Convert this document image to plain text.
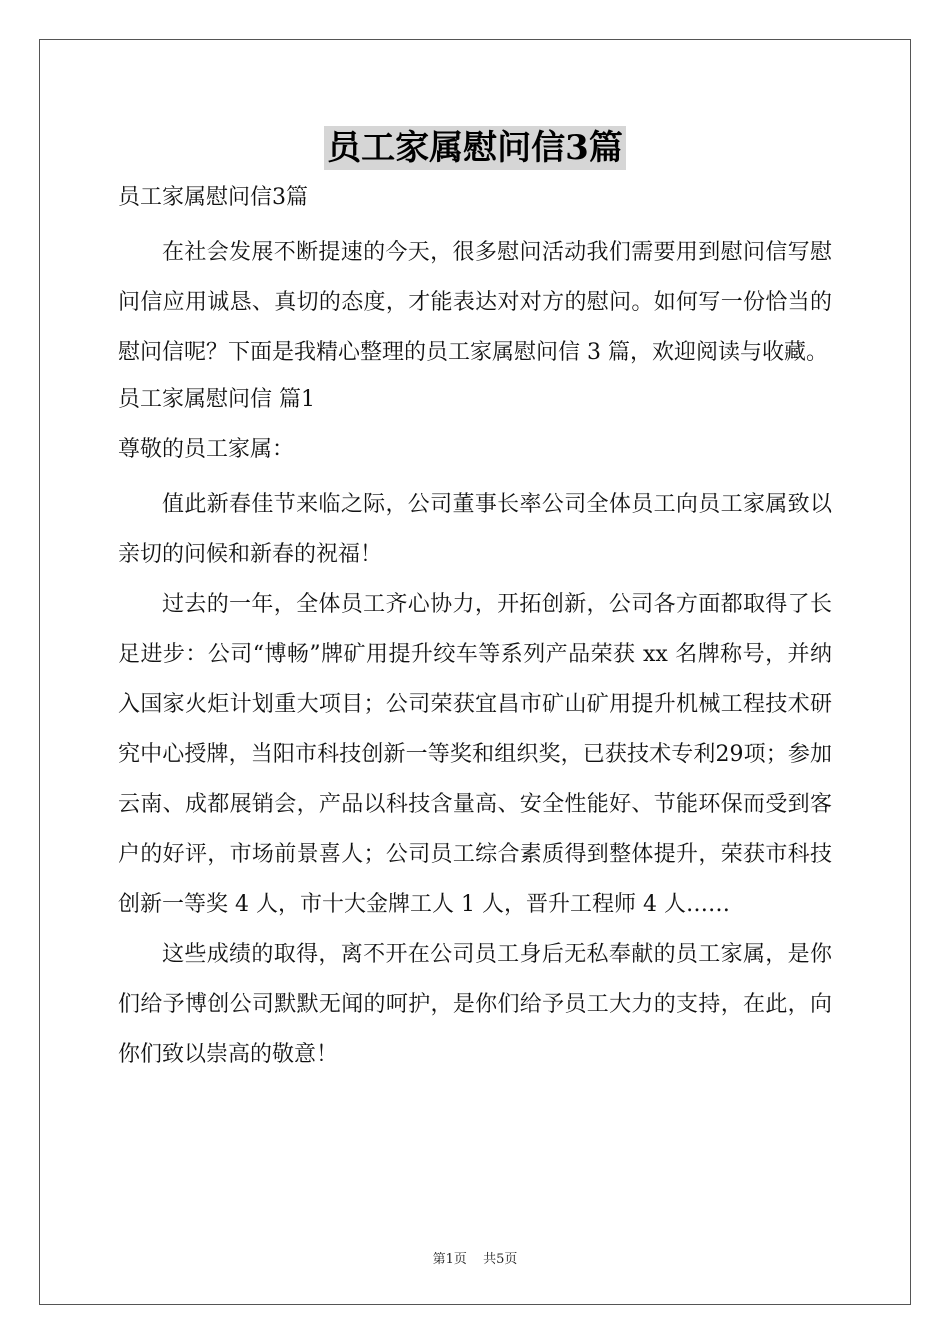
员工家属慰问信3篇
员工家属慰问信3篇

在社会发展不断提速的今天，很多慰问活动我们需要用到慰问信写慰问信应用诚恳、真切的态度，才能表达对对方的慰问。如何写一份恰当的慰问信呢？下面是我精心整理的员工家属慰问信 3 篇，欢迎阅读与收藏。

员工家属慰问信 篇1
尊敬的员工家属：

值此新春佳节来临之际，公司董事长率公司全体员工向员工家属致以亲切的问候和新春的祝福！

过去的一年，全体员工齐心协力，开拓创新，公司各方面都取得了长足进步：公司“博畅”牌矿用提升绞车等系列产品荣获 xx 名牌称号，并纳入国家火炬计划重大项目；公司荣获宜昌市矿山矿用提升机械工程技术研究中心授牌，当阳市科技创新一等奖和组织奖，已获技术专利29项；参加云南、成都展销会，产品以科技含量高、安全性能好、节能环保而受到客户的好评，市场前景喜人；公司员工综合素质得到整体提升，荣获市科技创新一等奖 4 人，市十大金牌工人 1 人，晋升工程师 4 人……

这些成绩的取得，离不开在公司员工身后无私奉献的员工家属，是你们给予博创公司默默无闻的呵护，是你们给予员工大力的支持，在此，向你们致以崇高的敬意！

第1页 共5页
